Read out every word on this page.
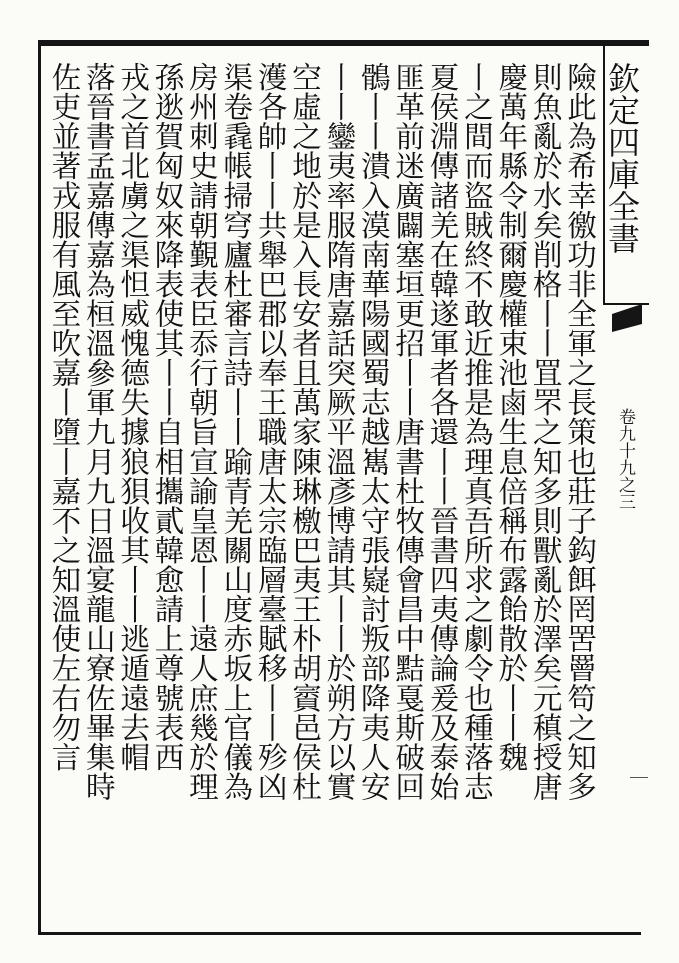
欽定四庫全書
卷九十九之三
險此為希幸徼功非全軍之長策也莊子鈎餌罔罟罾笱之知多
則魚亂於水矣削格丨丨罝罘之知多則獸亂於澤矣元稹授唐
慶萬年縣令制爾慶權束池鹵生息倍稱布露飴散於丨丨魏
丨之間而盜賊終不敢近推是為理真吾所求之劇令也種落志
夏侯淵傳諸羌在韓遂軍者各還丨丨晉書四夷傳論爰及泰始
匪革前迷廣闢塞垣更招丨丨唐書杜牧傳會昌中黠戛斯破回
鶻丨丨潰入漠南華陽國蜀志越嶲太守張嶷討叛部降夷人安
丨丨鑾夷率服隋唐嘉話突厥平溫彥博請其丨丨於朔方以實
空虛之地於是入長安者且萬家陳琳檄巴夷王朴胡賨邑侯杜
濩各帥丨丨共舉巴郡以奉王職唐太宗臨層臺賦移丨丨殄凶
渠卷毳帳掃穹廬杜審言詩丨丨踰青羌關山度赤坂上官儀為
房州刺史請朝覲表臣忝行朝旨宣諭皇恩丨丨遠人庶幾於理
孫逖賀匈奴來降表使其丨丨自相攜貳韓愈請上尊號表西
戎之首北虜之渠怛威愧德失據狼狽收其丨丨逃遁遠去帽
落晉書孟嘉傳嘉為桓溫參軍九月九日溫宴龍山寮佐畢集時
佐吏並著戎服有風至吹嘉丨墮丨嘉不之知溫使左右勿言
